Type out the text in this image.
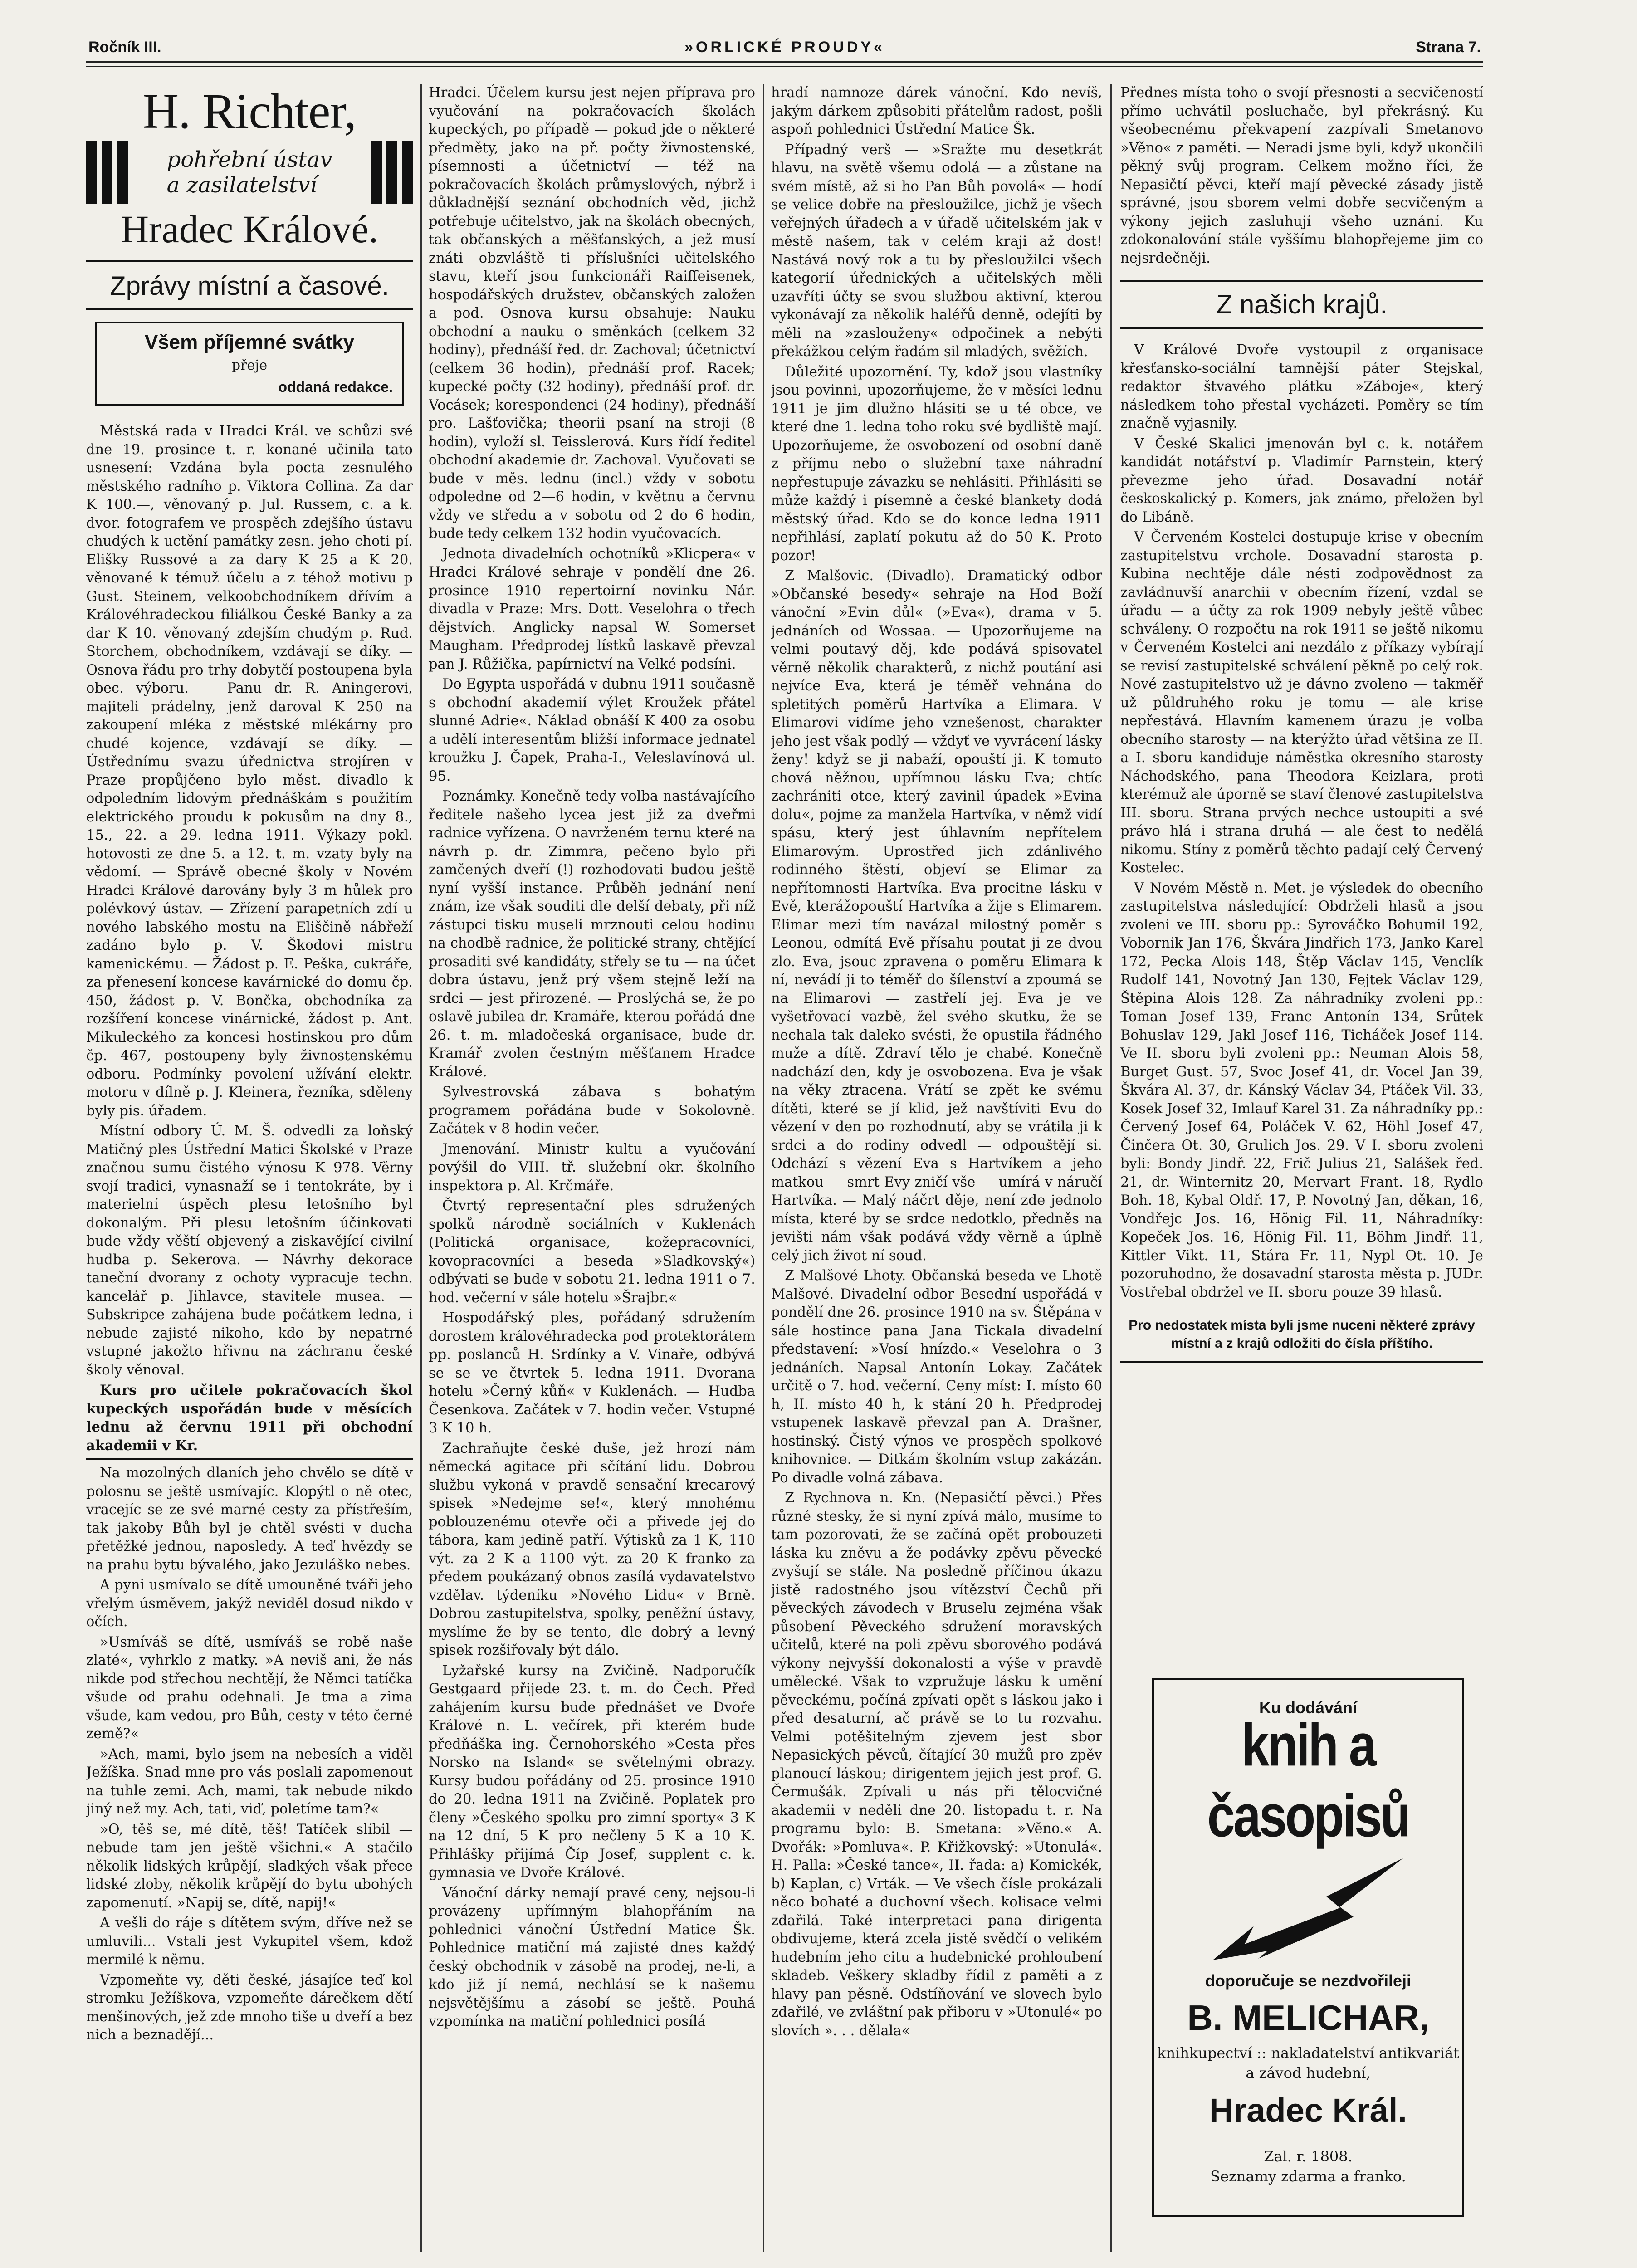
Ročník III.	»ORLICKÉ PROUDY«	Strana 7.
H. Richter,
pohřební ústav
a zasilatelství
Hradec Králové.
Zprávy místní a časové.
Všem příjemné svátky
přeje
oddaná redakce.

Městská rada v Hradci Král. ve schůzi své dne 19. prosince t. r. konané učinila tato usnesení: Vzdána byla pocta zesnulého městského radního p. Viktora Collina. Za dar K 100.—, věnovaný p. Jul. Russem, c. a k. dvor. fotografem ve prospěch zdejšího ústavu chudých k uctění památky zesn. jeho choti pí. Elišky Russové a za dary K 25 a K 20. věnované k témuž účelu a z téhož motivu p Gust. Steinem, velkoobchodníkem dřívím a Královéhradeckou filiálkou České Banky a za dar K 10. věnovaný zdejším chudým p. Rud. Storchem, obchodníkem, vzdávají se díky. — Osnova řádu pro trhy dobytčí postoupena byla obec. výboru. — Panu dr. R. Aningerovi, majiteli prádelny, jenž daroval K 250 na zakoupení mléka z městské mlékárny pro chudé kojence, vzdávají se díky. — Ústřednímu svazu úřednictva strojíren v Praze propůjčeno bylo měst. divadlo k odpoledním lidovým přednáškám s použitím elektrického proudu k pokusům na dny 8., 15., 22. a 29. ledna 1911. Výkazy pokl. hotovosti ze dne 5. a 12. t. m. vzaty byly na vědomí. — Správě obecné školy v Novém Hradci Králové darovány byly 3 m hůlek pro polévkový ústav. — Zřízení parapetních zdí u nového labského mostu na Eliščině nábřeží zadáno bylo p. V. Škodovi mistru kamenickému. — Žádost p. E. Peška, cukráře, za přenesení koncese kavárnické do domu čp. 450, žádost p. V. Bončka, obchodníka za rozšíření koncese vinárnické, žádost p. Ant. Mikuleckého za koncesi hostinskou pro dům čp. 467, postoupeny byly živnostenskému odboru. Podmínky povolení užívání elektr. motoru v dílně p. J. Kleinera, řezníka, sděleny byly pis. úřadem.

Místní odbory Ú. M. Š. odvedli za loňský Matičný ples Ústřední Matici Školské v Praze značnou sumu čistého výnosu K 978. Věrny svojí tradici, vynasnaží se i tentokráte, by i materielní úspěch plesu letošního byl dokonalým. Při plesu letošním účinkovati bude vždy věští objevený a ziskavějící civilní hudba p. Sekerova. — Návrhy dekorace taneční dvorany z ochoty vypracuje techn. kancelář p. Jihlavce, stavitele musea. — Subskripce zahájena bude počátkem ledna, i nebude zajisté nikoho, kdo by nepatrné vstupné jakožto hřivnu na záchranu české školy věnoval.

Kurs pro učitele pokračovacích škol kupeckých uspořádán bude v měsících lednu až červnu 1911 při obchodní akademii v Kr.

Na mozolných dlaních jeho chvělo se dítě v polosnu se ještě usmívajíc. Klopýtl o ně otec, vracejíc se ze své marné cesty za přístřeším, tak jakoby Bůh byl je chtěl svésti v ducha přetěžké jednou, naposledy. A teď hvězdy se na prahu bytu bývalého, jako Jezuláško nebes.

A pyni usmívalo se dítě umouněné tváři jeho vřelým úsměvem, jakýž neviděl dosud nikdo v očích.

»Usmíváš se dítě, usmíváš se robě naše zlaté«, vyhrklo z matky. »A neviš ani, že nás nikde pod střechou nechtějí, že Němci tatíčka všude od prahu odehnali. Je tma a zima všude, kam vedou, pro Bůh, cesty v této černé země?«

»Ach, mami, bylo jsem na nebesích a viděl Ježíška. Snad mne pro vás poslali zapomenout na tuhle zemi. Ach, mami, tak nebude nikdo jiný než my. Ach, tati, viď, poletíme tam?«

»O, těš se, mé dítě, těš! Tatíček slíbil — nebude tam jen ještě všichni.« A stačilo několik lidských krůpějí, sladkých však přece lidské zloby, několik krůpějí do bytu ubohých zapomenutí. »Napij se, dítě, napij!«

A vešli do ráje s dítětem svým, dříve než se umluvili... Vstali jest Vykupitel všem, kdož mermilé k němu.

Vzpomeňte vy, děti české, jásajíce teď kol stromku Ježíškova, vzpomeňte dárečkem dětí menšinových, jež zde mnoho tiše u dveří a bez nich a beznadějí...

Hradci. Účelem kursu jest nejen příprava pro vyučování na pokračovacích školách kupeckých, po případě — pokud jde o některé předměty, jako na př. počty živnostenské, písemnosti a účetnictví — též na pokračovacích školách průmyslových, nýbrž i důkladnější seznání obchodních věd, jichž potřebuje učitelstvo, jak na školách obecných, tak občanských a měšťanských, a jež musí znáti obzvláště ti příslušníci učitelského stavu, kteří jsou funkcionáři Raiffeisenek, hospodářských družstev, občanských založen a pod. Osnova kursu obsahuje: Nauku obchodní a nauku o směnkách (celkem 32 hodiny), přednáší řed. dr. Zachoval; účetnictví (celkem 36 hodin), přednáší prof. Racek; kupecké počty (32 hodiny), přednáší prof. dr. Vocásek; korespondenci (24 hodiny), přednáší pro. Lašťovička; theorii psaní na stroji (8 hodin), vyloží sl. Teisslerová. Kurs řídí ředitel obchodní akademie dr. Zachoval. Vyučovati se bude v měs. lednu (incl.) vždy v sobotu odpoledne od 2—6 hodin, v květnu a červnu vždy ve středu a v sobotu od 2 do 6 hodin, bude tedy celkem 132 hodin vyučovacích.

Jednota divadelních ochotníků »Klicpera« v Hradci Králové sehraje v pondělí dne 26. prosince 1910 repertoirní novinku Nár. divadla v Praze: Mrs. Dott. Veselohra o třech dějstvích. Anglicky napsal W. Somerset Maugham. Předprodej lístků laskavě převzal pan J. Růžička, papírnictví na Velké podsíni.

Do Egypta uspořádá v dubnu 1911 současně s obchodní akademií výlet Kroužek přátel slunné Adrie«. Náklad obnáší K 400 za osobu a udělí interesentům bližší informace jednatel kroužku J. Čapek, Praha-I., Veleslavínová ul. 95.

Poznámky. Konečně tedy volba nastávajícího ředitele našeho lycea jest již za dveřmi radnice vyřízena. O navrženém ternu které na návrh p. dr. Zimmra, pečeno bylo při zamčených dveří (!) rozhodovati budou ještě nyní vyšší instance. Průběh jednání není znám, ize však souditi dle delší debaty, při níž zástupci tisku museli mrznouti celou hodinu na chodbě radnice, že politické strany, chtějící prosaditi své kandidáty, střely se tu — na účet dobra ústavu, jenž prý všem stejně leží na srdci — jest přirozené. — Proslýchá se, že po oslavě jubilea dr. Kramáře, kterou pořádá dne 26. t. m. mladočeská organisace, bude dr. Kramář zvolen čestným měšťanem Hradce Králové.

Sylvestrovská zábava s bohatým programem pořádána bude v Sokolovně. Začátek v 8 hodin večer.

Jmenování. Ministr kultu a vyučování povýšil do VIII. tř. služební okr. školního inspektora p. Al. Krčmáře.

Čtvrtý representační ples sdružených spolků národně sociálních v Kuklenách (Politická organisace, kožepracovníci, kovopracovníci a beseda »Sladkovský«) odbývati se bude v sobotu 21. ledna 1911 o 7. hod. večerní v sále hotelu »Šrajbr.«

Hospodářský ples, pořádaný sdružením dorostem královéhradecka pod protektorátem pp. poslanců H. Srdínky a V. Vinaře, odbývá se se ve čtvrtek 5. ledna 1911. Dvorana hotelu »Černý kůň« v Kuklenách. — Hudba Česenkova. Začátek v 7. hodin večer. Vstupné 3 K 10 h.

Zachraňujte české duše, jež hrozí nám německá agitace při sčítání lidu. Dobrou službu vykoná v pravdě sensační krecarový spisek »Nedejme se!«, který mnohému poblouzenému otevře oči a přivede jej do tábora, kam jedině patří. Výtisků za 1 K, 110 výt. za 2 K a 1100 výt. za 20 K franko za předem poukázaný obnos zasílá vydavatelstvo vzdělav. týdeníku »Nového Lidu« v Brně. Dobrou zastupitelstva, spolky, peněžní ústavy, myslíme že by se tento, dle dobrý a levný spisek rozšiřovaly být dálo.

Lyžařské kursy na Zvičině. Nadporučík Gestgaard přijede 23. t. m. do Čech. Před zahájením kursu bude přednášet ve Dvoře Králové n. L. večírek, při kterém bude předňáška ing. Černohorského »Cesta přes Norsko na Island« se světelnými obrazy. Kursy budou pořádány od 25. prosince 1910 do 20. ledna 1911 na Zvičině. Poplatek pro členy »Českého spolku pro zimní sporty« 3 K na 12 dní, 5 K pro nečleny 5 K a 10 K. Přihlášky přijímá Číp Josef, supplent c. k. gymnasia ve Dvoře Králové.

Vánoční dárky nemají pravé ceny, nejsou-li provázeny upřímným blahopřáním na pohlednici vánoční Ústřední Matice Šk. Pohlednice matiční má zajisté dnes každý český obchodník v zásobě na prodej, ne-li, a kdo již jí nemá, nechlásí se k našemu nejsvětějšímu a zásobí se ještě. Pouhá vzpomínka na matiční pohlednici posílá

hradí namnoze dárek vánoční. Kdo nevíš, jakým dárkem způsobiti přátelům radost, pošli aspoň pohlednici Ústřední Matice Šk.

Případný verš — »Sražte mu desetkrát hlavu, na světě všemu odolá — a zůstane na svém místě, až si ho Pan Bůh povolá« — hodí se velice dobře na přesloužilce, jichž je všech veřejných úřadech a v úřadě učitelském jak v městě našem, tak v celém kraji až dost! Nastává nový rok a tu by přesloužilci všech kategorií úřednických a učitelských měli uzavříti účty se svou službou aktivní, kterou vykonávají za několik haléřů denně, odejíti by měli na »zaslouženy« odpočinek a nebýti překážkou celým řadám sil mladých, svěžích.

Důležité upozornění. Ty, kdož jsou vlastníky jsou povinni, upozorňujeme, že v měsíci lednu 1911 je jim dlužno hlásiti se u té obce, ve které dne 1. ledna toho roku své bydliště mají. Upozorňujeme, že osvobození od osobní daně z příjmu nebo o služební taxe náhradní nepřestupuje závazku se nehlásiti. Přihlásiti se může každý i písemně a české blankety dodá městský úřad. Kdo se do konce ledna 1911 nepřihlásí, zaplatí pokutu až do 50 K. Proto pozor!

Z Malšovic. (Divadlo). Dramatický odbor »Občanské besedy« sehraje na Hod Boží vánoční »Evin důl« (»Eva«), drama v 5. jednáních od Wossaa. — Upozorňujeme na velmi poutavý děj, kde podává spisovatel věrně několik charakterů, z nichž poutání asi nejvíce Eva, která je téměř vehnána do spletitých poměrů Hartvíka a Elimara. V Elimarovi vidíme jeho vznešenost, charakter jeho jest však podlý — vždyť ve vyvrácení lásky ženy! když se ji nabaží, opouští ji. K tomuto chová něžnou, upřímnou lásku Eva; chtíc zachrániti otce, který zavinil úpadek »Evina dolu«, pojme za manžela Hartvíka, v němž vidí spásu, který jest úhlavním nepřítelem Elimarovým. Uprostřed jich zdánlivého rodinného štěstí, objeví se Elimar za nepřítomnosti Hartvíka. Eva procitne lásku v Evě, kterážopouští Hartvíka a žije s Elimarem. Elimar mezi tím navázal milostný poměr s Leonou, odmítá Evě přísahu poutat ji ze dvou zlo. Eva, jsouc zpravena o poměru Elimara k ní, nevádí ji to téměř do šílenství a zpoumá se na Elimarovi — zastřelí jej. Eva je ve vyšetřovací vazbě, žel svého skutku, že se nechala tak daleko svésti, že opustila řádného muže a dítě. Zdraví tělo je chabé. Konečně nadchází den, kdy je osvobozena. Eva je však na věky ztracena. Vrátí se zpět ke svému dítěti, které se jí klid, jež navštíviti Evu do vězení v den po rozhodnutí, aby se vrátila ji k srdci a do rodiny odvedl — odpouštějí si. Odchází s vězení Eva s Hartvíkem a jeho matkou — smrt Evy zničí vše — umírá v náručí Hartvíka. — Malý náčrt děje, není zde jednolo místa, které by se srdce nedotklo, předněs na jevišti nám však podává vždy věrně a úplně celý jich život ní soud.

Z Malšové Lhoty. Občanská beseda ve Lhotě Malšové. Divadelní odbor Besední uspořádá v pondělí dne 26. prosince 1910 na sv. Štěpána v sále hostince pana Jana Tickala divadelní představení: »Vosí hnízdo.« Veselohra o 3 jednáních. Napsal Antonín Lokay. Začátek určitě o 7. hod. večerní. Ceny míst: I. místo 60 h, II. místo 40 h, k stání 20 h. Předprodej vstupenek laskavě převzal pan A. Drašner, hostinský. Čistý výnos ve prospěch spolkové knihovnice. — Ditkám školním vstup zakázán. Po divadle volná zábava.

Z Rychnova n. Kn. (Nepasičtí pěvci.) Přes různé stesky, že si nyní zpívá málo, musíme to tam pozorovati, že se začíná opět probouzeti láska ku zněvu a že podávky zpěvu pěvecké zvyšují se stále. Na posledně příčinou úkazu jistě radostného jsou vítězství Čechů při pěveckých závodech v Bruselu zejména však působení Pěveckého sdružení moravských učitelů, které na poli zpěvu sborového podává výkony nejvyšší dokonalosti a výše v pravdě umělecké. Však to vzpružuje lásku k umění pěveckému, počíná zpívati opět s láskou jako i před desaturní, ač právě se to tu rozvahu. Velmi potěšitelným zjevem jest sbor Nepasických pěvců, čítající 30 mužů pro zpěv planoucí láskou; dirigentem jejich jest prof. G. Čermušák. Zpívali u nás při tělocvičné akademii v neděli dne 20. listopadu t. r. Na programu bylo: B. Smetana: »Věno.« A. Dvořák: »Pomluva«. P. Křižkovský: »Utonulá«. H. Palla: »České tance«, II. řada: a) Komickék, b) Kaplan, c) Vrták. — Ve všech čísle prokázali něco bohaté a duchovní všech. kolisace velmi zdařilá. Také interpretaci pana dirigenta obdivujeme, která zcela jistě svědčí o velikém hudebním jeho citu a hudebnické prohloubení skladeb. Veškery skladby řídil z paměti a z hlavy pan pěsně. Odstíňování ve slovech bylo zdařilé, ve zvláštní pak přiboru v »Utonulé« po slovích ». . . dělala«

Přednes místa toho o svojí přesnosti a secvičeností přímo uchvátil posluchače, byl překrásný. Ku všeobecnému překvapení zazpívali Smetanovo »Věno« z paměti. — Neradi jsme byli, když ukončili pěkný svůj program. Celkem možno říci, že Nepasičtí pěvci, kteří mají pěvecké zásady jistě správné, jsou sborem velmi dobře secvičeným a výkony jejich zasluhují všeho uznání. Ku zdokonalování stále vyššímu blahopřejeme jim co nejsrdečněji.

Z našich krajů.

V Králové Dvoře vystoupil z organisace křesťansko-sociální tamnější páter Stejskal, redaktor štvavého plátku »Záboje«, který následkem toho přestal vycházeti. Poměry se tím značně vyjasnily.

V České Skalici jmenován byl c. k. notářem kandidát notářství p. Vladimír Parnstein, který převezme jeho úřad. Dosavadní notář českoskalický p. Komers, jak známo, přeložen byl do Libáně.

V Červeném Kostelci dostupuje krise v obecním zastupitelstvu vrchole. Dosavadní starosta p. Kubina nechtěje dále nésti zodpovědnost za zavládnuvší anarchii v obecním řízení, vzdal se úřadu — a účty za rok 1909 nebyly ještě vůbec schváleny. O rozpočtu na rok 1911 se ještě nikomu v Červeném Kostelci ani nezdálo z příkazy vybírají se revisí zastupitelské schválení pěkně po celý rok. Nové zastupitelstvo už je dávno zvoleno — takměř už půldruhého roku je tomu — ale krise nepřestává. Hlavním kamenem úrazu je volba obecního starosty — na kterýžto úřad většina ze II. a I. sboru kandiduje náměstka okresního starosty Náchodského, pana Theodora Keizlara, proti kterémuž ale úporně se staví členové zastupitelstva III. sboru. Strana prvých nechce ustoupiti a své právo hlá i strana druhá — ale čest to nedělá nikomu. Stíny z poměrů těchto padají celý Červený Kostelec.

V Novém Městě n. Met. je výsledek do obecního zastupitelstva následující: Obdrželi hlasů a jsou zvoleni ve III. sboru pp.: Syrováčko Bohumil 192, Vobornik Jan 176, Škvára Jindřich 173, Janko Karel 172, Pecka Alois 148, Štěp Václav 145, Venclík Rudolf 141, Novotný Jan 130, Fejtek Václav 129, Štěpina Alois 128. Za náhradníky zvoleni pp.: Toman Josef 139, Franc Antonín 134, Srůtek Bohuslav 129, Jakl Josef 116, Ticháček Josef 114. Ve II. sboru byli zvoleni pp.: Neuman Alois 58, Burget Gust. 57, Svoc Josef 41, dr. Vocel Jan 39, Škvára Al. 37, dr. Kánský Václav 34, Ptáček Vil. 33, Kosek Josef 32, Imlauf Karel 31. Za náhradníky pp.: Červený Josef 64, Poláček V. 62, Höhl Josef 47, Činčera Ot. 30, Grulich Jos. 29. V I. sboru zvoleni byli: Bondy Jindř. 22, Frič Julius 21, Salášek řed. 21, dr. Winternitz 20, Mervart Frant. 18, Rydlo Boh. 18, Kybal Oldř. 17, P. Novotný Jan, děkan, 16, Vondřejc Jos. 16, Hönig Fil. 11, Náhradníky: Kopeček Jos. 16, Hönig Fil. 11, Böhm Jindř. 11, Kittler Vikt. 11, Stára Fr. 11, Nypl Ot. 10. Je pozoruhodno, že dosavadní starosta města p. JUDr. Vostřebal obdržel ve II. sboru pouze 39 hlasů.

Pro nedostatek místa byli jsme nuceni některé zprávy místní a z krajů odložiti do čísla příštího.
Ku dodávání
knih a časopisů
doporučuje se nezdvořileji
B. MELICHAR,
knihkupectví :: nakladatelství antikvariát a závod hudební,
Hradec Král.
Zal. r. 1808.
Seznamy zdarma a franko.
